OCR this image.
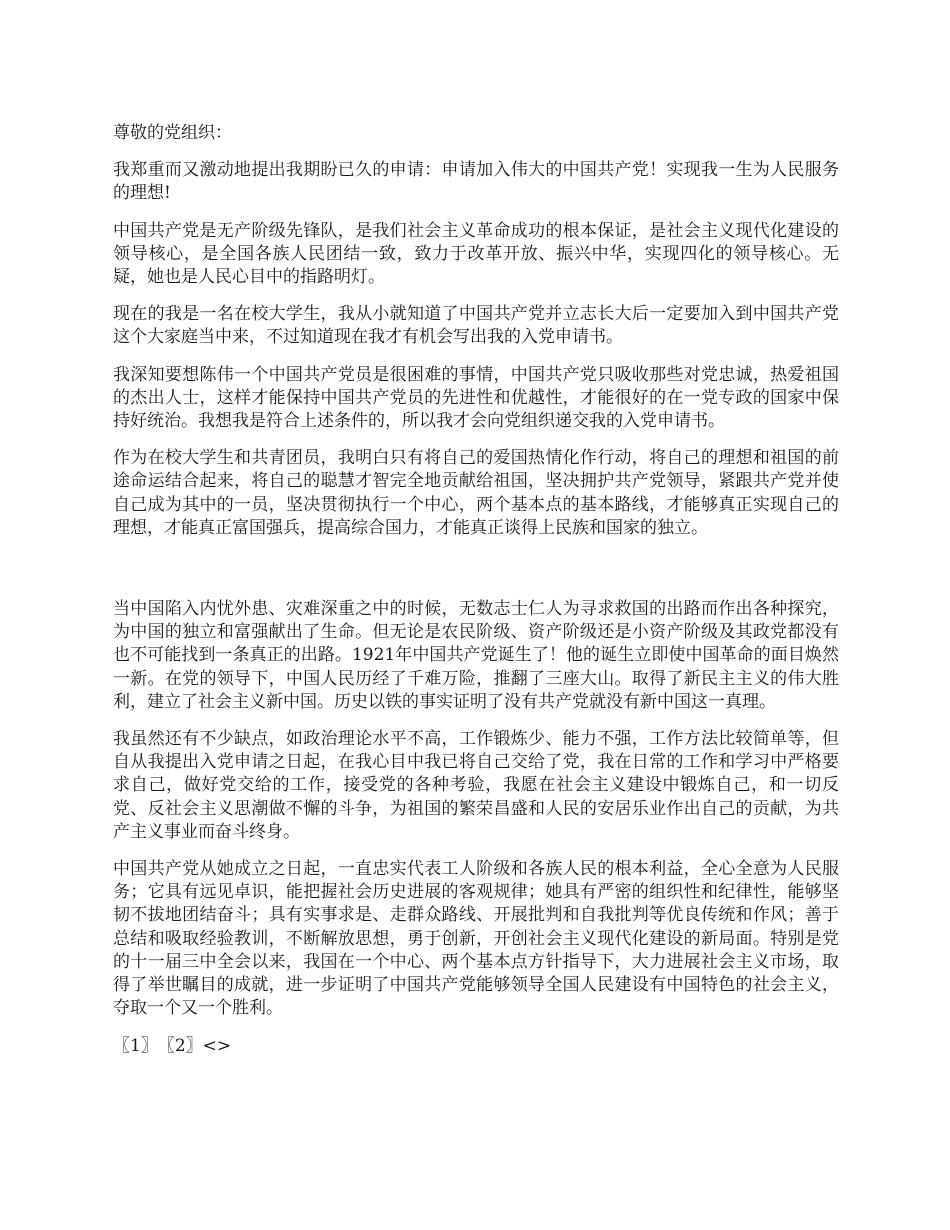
尊敬的党组织：

我郑重而又激动地提出我期盼已久的申请：申请加入伟大的中国共产党！实现我一生为人民服务的理想!

中国共产党是无产阶级先锋队，是我们社会主义革命成功的根本保证，是社会主义现代化建设的领导核心，是全国各族人民团结一致，致力于改革开放、振兴中华，实现四化的领导核心。无疑，她也是人民心目中的指路明灯。

现在的我是一名在校大学生，我从小就知道了中国共产党并立志长大后一定要加入到中国共产党这个大家庭当中来，不过知道现在我才有机会写出我的入党申请书。

我深知要想陈伟一个中国共产党员是很困难的事情，中国共产党只吸收那些对党忠诚，热爱祖国的杰出人士，这样才能保持中国共产党员的先进性和优越性，才能很好的在一党专政的国家中保持好统治。我想我是符合上述条件的，所以我才会向党组织递交我的入党申请书。

作为在校大学生和共青团员，我明白只有将自己的爱国热情化作行动，将自己的理想和祖国的前途命运结合起来，将自己的聪慧才智完全地贡献给祖国，坚决拥护共产党领导，紧跟共产党并使自己成为其中的一员，坚决贯彻执行一个中心，两个基本点的基本路线，才能够真正实现自己的理想，才能真正富国强兵，提高综合国力，才能真正谈得上民族和国家的独立。

当中国陷入内忧外患、灾难深重之中的时候，无数志士仁人为寻求救国的出路而作出各种探究，为中国的独立和富强献出了生命。但无论是农民阶级、资产阶级还是小资产阶级及其政党都没有也不可能找到一条真正的出路。1921年中国共产党诞生了！他的诞生立即使中国革命的面目焕然一新。在党的领导下，中国人民历经了千难万险，推翻了三座大山。取得了新民主主义的伟大胜利，建立了社会主义新中国。历史以铁的事实证明了没有共产党就没有新中国这一真理。

我虽然还有不少缺点，如政治理论水平不高，工作锻炼少、能力不强，工作方法比较简单等，但自从我提出入党申请之日起，在我心目中我已将自己交给了党，我在日常的工作和学习中严格要求自己，做好党交给的工作，接受党的各种考验，我愿在社会主义建设中锻炼自己，和一切反党、反社会主义思潮做不懈的斗争，为祖国的繁荣昌盛和人民的安居乐业作出自己的贡献，为共产主义事业而奋斗终身。

中国共产党从她成立之日起，一直忠实代表工人阶级和各族人民的根本利益，全心全意为人民服务；它具有远见卓识，能把握社会历史进展的客观规律；她具有严密的组织性和纪律性，能够坚韧不拔地团结奋斗；具有实事求是、走群众路线、开展批判和自我批判等优良传统和作风；善于总结和吸取经验教训，不断解放思想，勇于创新，开创社会主义现代化建设的新局面。特别是党的十一届三中全会以来，我国在一个中心、两个基本点方针指导下，大力进展社会主义市场，取得了举世瞩目的成就，进一步证明了中国共产党能够领导全国人民建设有中国特色的社会主义，夺取一个又一个胜利。

〖1〗〖2〗<>
